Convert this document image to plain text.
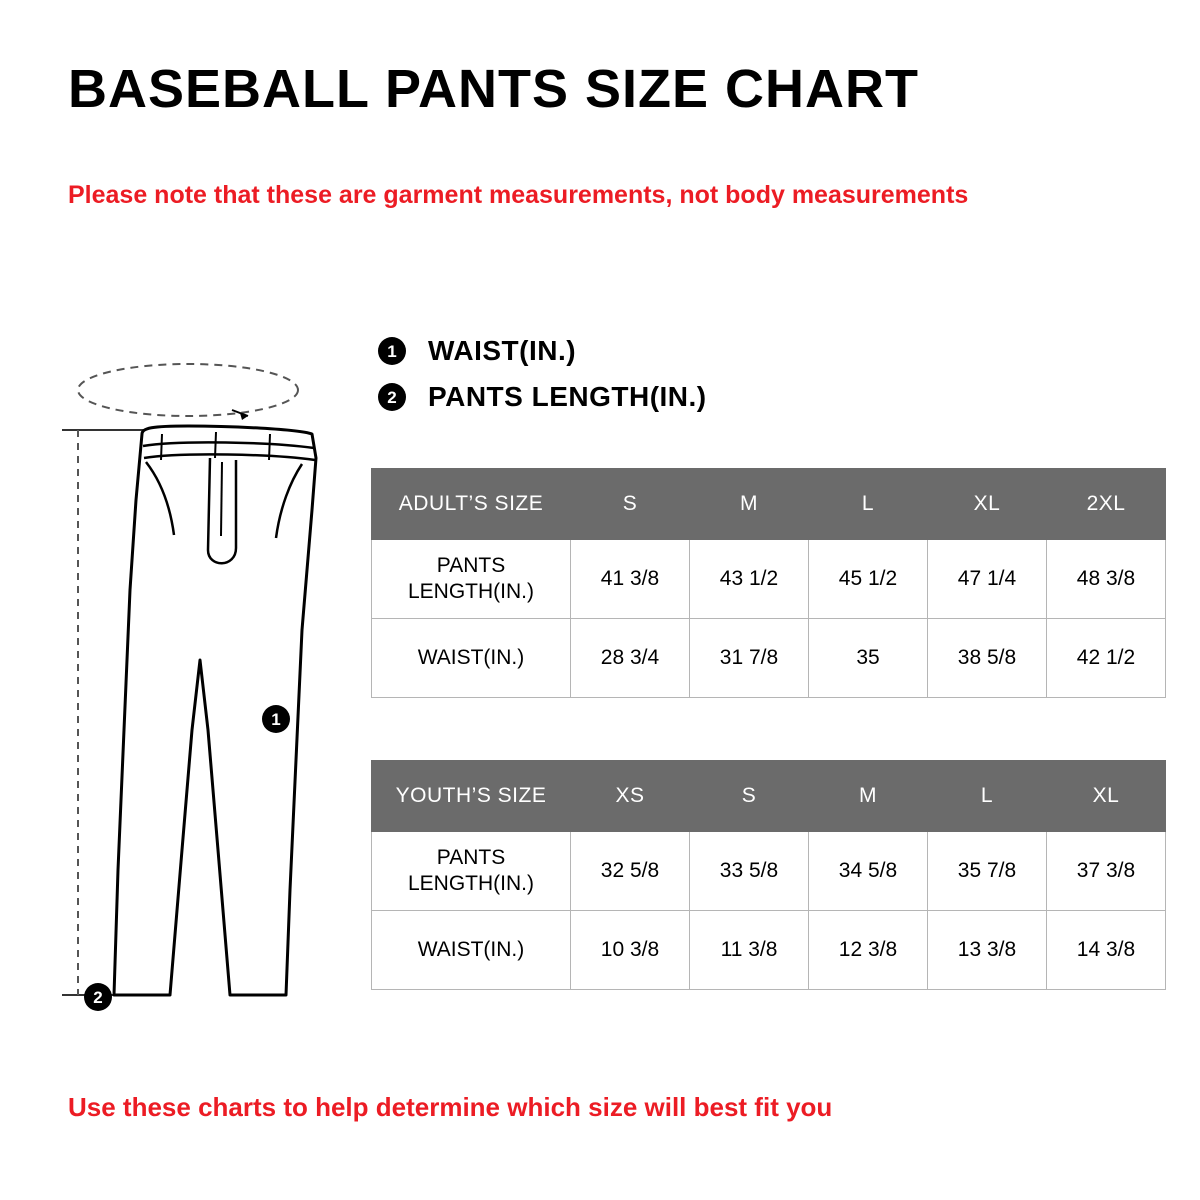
BASEBALL PANTS SIZE CHART
Please note that these are garment measurements, not body measurements
1	WAIST(IN.)
2	PANTS LENGTH(IN.)
1
2
ADULT’S SIZE	S	M	L	XL	2XL
PANTS LENGTH(IN.)	41 3/8	43 1/2	45 1/2	47 1/4	48 3/8
WAIST(IN.)	28 3/4	31 7/8	35	38 5/8	42 1/2
YOUTH’S SIZE	XS	S	M	L	XL
PANTS LENGTH(IN.)	32 5/8	33 5/8	34 5/8	35 7/8	37 3/8
WAIST(IN.)	10 3/8	11 3/8	12 3/8	13 3/8	14 3/8
Use these charts to help determine which size will best fit you
